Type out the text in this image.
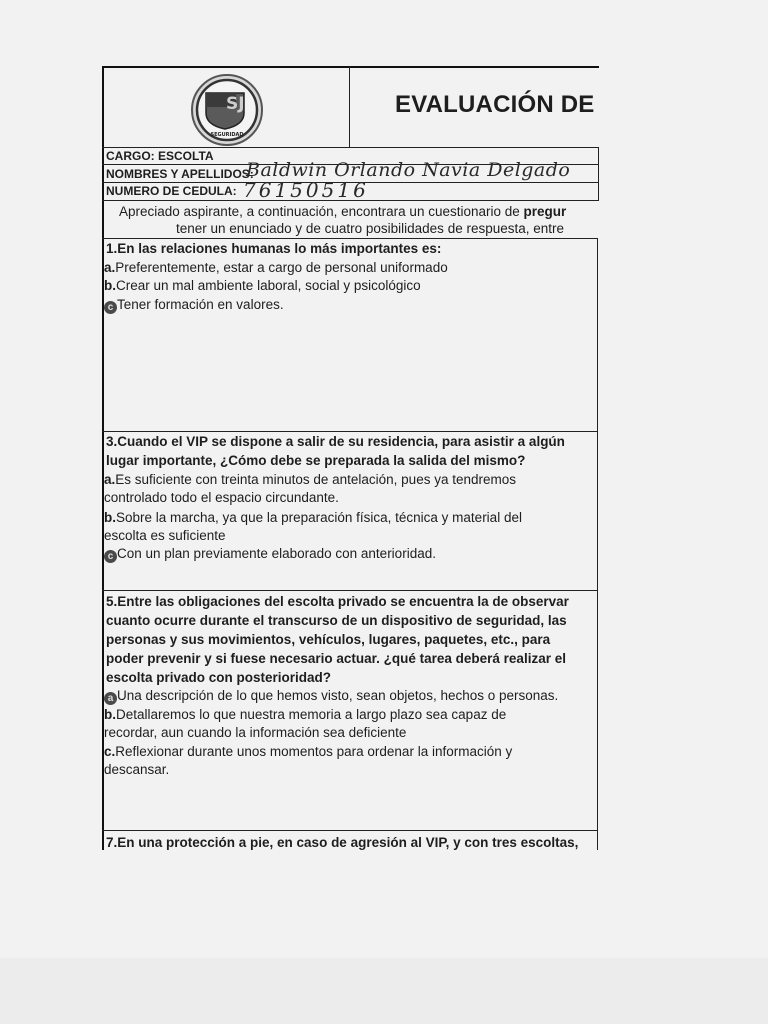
SJ
SEGURIDAD
EVALUACIÓN DE
CARGO: ESCOLTA
NOMBRES Y APELLIDOS:
Baldwin Orlando Navia Delgado
NUMERO DE CEDULA: 76150516
Apreciado aspirante, a continuación, encontrara un cuestionario de pregur
tener un enunciado y de cuatro posibilidades de respuesta, entre
1.En las relaciones humanas lo más importantes es:
a.Preferentemente, estar a cargo de personal uniformado
b.Crear un mal ambiente laboral, social y psicológico
c Tener formación en valores.
3.Cuando el VIP se dispone a salir de su residencia, para asistir a algún
lugar importante, ¿Cómo debe se preparada la salida del mismo?
a.Es suficiente con treinta minutos de antelación, pues ya tendremos
controlado todo el espacio circundante.
b.Sobre la marcha, ya que la preparación física, técnica y material del
escolta es suficiente
c Con un plan previamente elaborado con anterioridad.
5.Entre las obligaciones del escolta privado se encuentra la de observar
cuanto ocurre durante el transcurso de un dispositivo de seguridad, las
personas y sus movimientos, vehículos, lugares, paquetes, etc., para
poder prevenir y si fuese necesario actuar. ¿qué tarea deberá realizar el
escolta privado con posterioridad?
a Una descripción de lo que hemos visto, sean objetos, hechos o personas.
b.Detallaremos lo que nuestra memoria a largo plazo sea capaz de
recordar, aun cuando la información sea deficiente
c.Reflexionar durante unos momentos para ordenar la información y
descansar.
7.En una protección a pie, en caso de agresión al VIP, y con tres escoltas,
